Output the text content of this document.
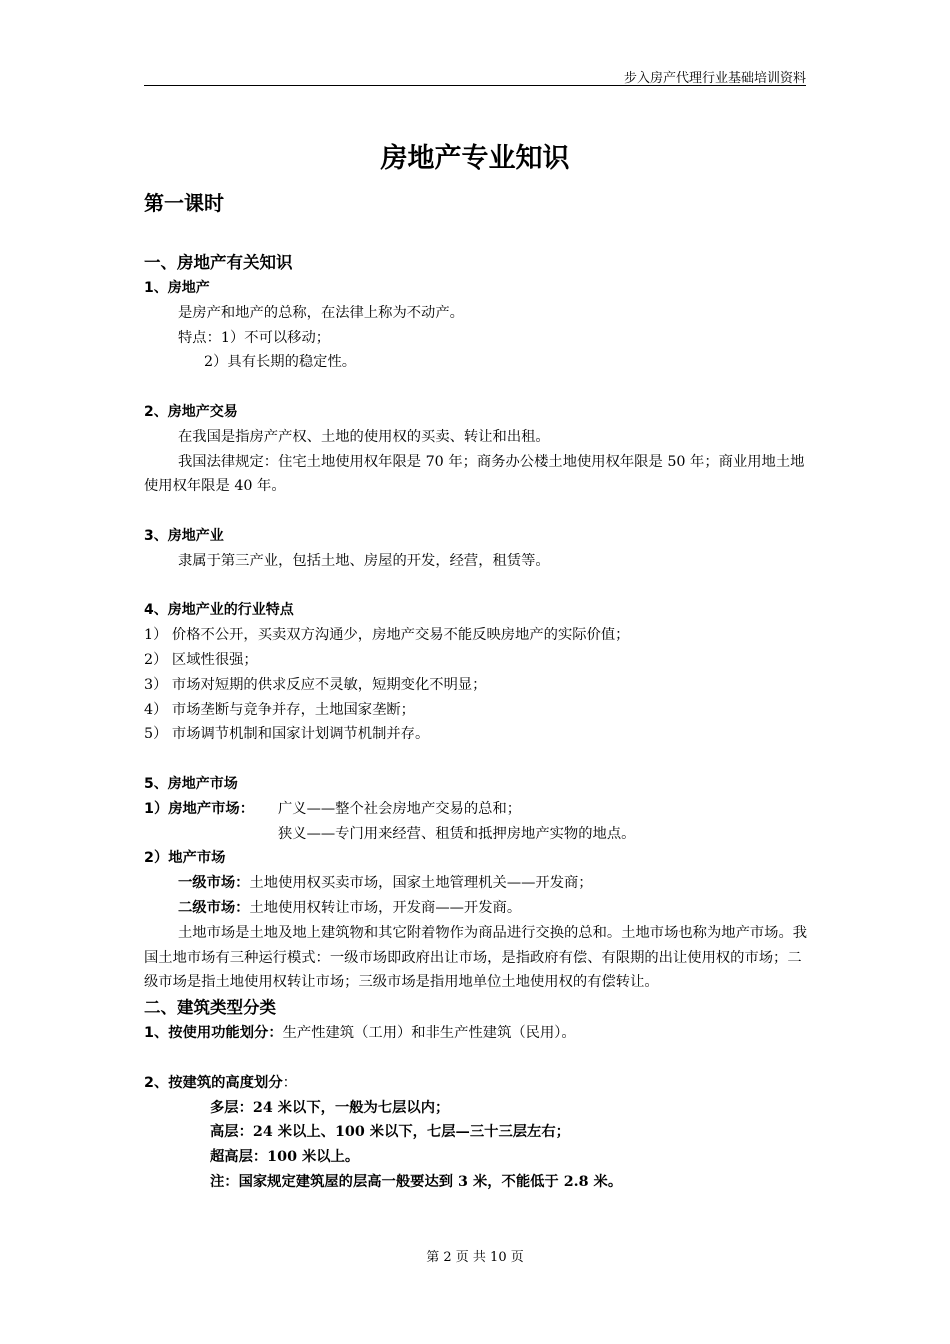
步入房产代理行业基础培训资料
房地产专业知识
第一课时
一、房地产有关知识
1、房地产
是房产和地产的总称，在法律上称为不动产。
特点：1）不可以移动；
2）具有长期的稳定性。
2、房地产交易
在我国是指房产产权、土地的使用权的买卖、转让和出租。
我国法律规定：住宅土地使用权年限是 70 年；商务办公楼土地使用权年限是 50 年；商业用地土地使用权年限是 40 年。
3、房地产业
隶属于第三产业，包括土地、房屋的开发，经营，租赁等。
4、房地产业的行业特点
1） 价格不公开，买卖双方沟通少，房地产交易不能反映房地产的实际价值；
2） 区域性很强；
3） 市场对短期的供求反应不灵敏，短期变化不明显；
4） 市场垄断与竞争并存，土地国家垄断；
5） 市场调节机制和国家计划调节机制并存。
5、房地产市场
1）房地产市场：	广义——整个社会房地产交易的总和；
狭义——专门用来经营、租赁和抵押房地产实物的地点。
2）地产市场
一级市场：土地使用权买卖市场，国家土地管理机关——开发商；
二级市场：土地使用权转让市场，开发商——开发商。
土地市场是土地及地上建筑物和其它附着物作为商品进行交换的总和。土地市场也称为地产市场。我国土地市场有三种运行模式：一级市场即政府出让市场，是指政府有偿、有限期的出让使用权的市场；二级市场是指土地使用权转让市场；三级市场是指用地单位土地使用权的有偿转让。
二、建筑类型分类
1、按使用功能划分：生产性建筑（工用）和非生产性建筑（民用）。
2、按建筑的高度划分：
多层：24 米以下，一般为七层以内；
高层：24 米以上、100 米以下，七层—三十三层左右；
超高层：100 米以上。
注：国家规定建筑屋的层高一般要达到 3 米，不能低于 2.8 米。
第 2 页 共 10 页
